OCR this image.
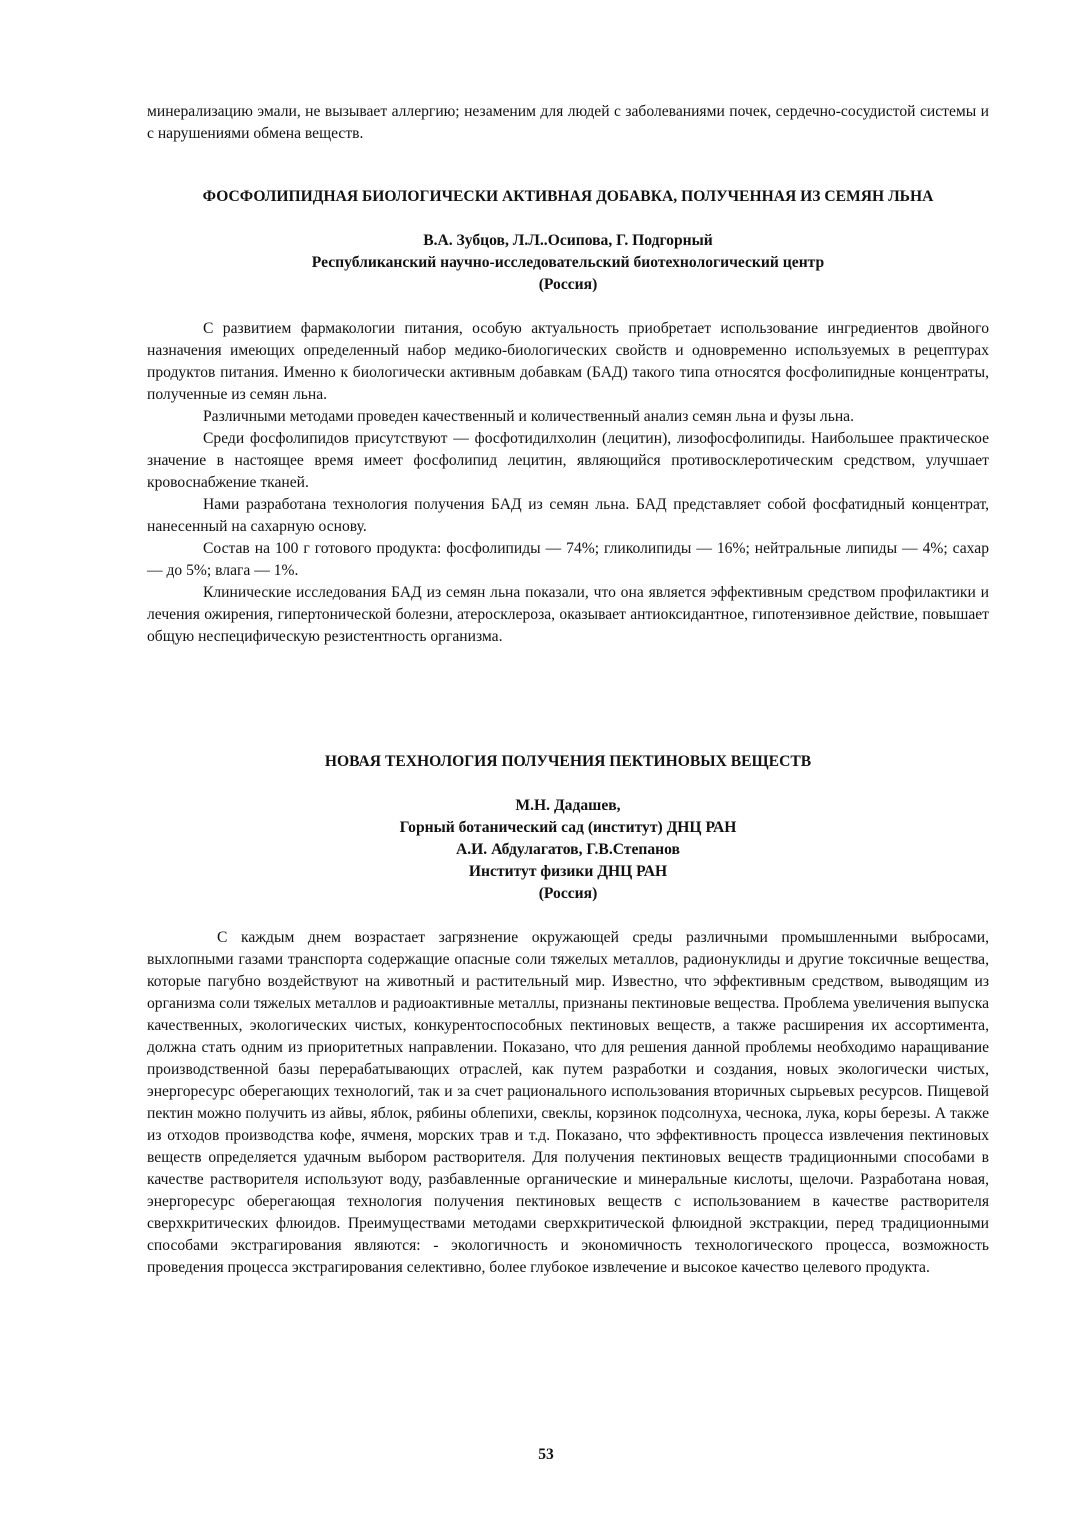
минерализацию эмали, не вызывает аллергию; незаменим для людей с заболеваниями почек, сердечно-сосудистой системы и с нарушениями обмена веществ.

ФОСФОЛИПИДНАЯ БИОЛОГИЧЕСКИ АКТИВНАЯ ДОБАВКА, ПОЛУЧЕННАЯ ИЗ СЕМЯН ЛЬНА

В.А. Зубцов, Л.Л..Осипова, Г. Подгорный

Республиканский научно-исследовательский биотехнологический центр

(Россия)

С развитием фармакологии питания, особую актуальность приобретает использование ингредиентов двойного назначения имеющих определенный набор медико-биологических свойств и одновременно используемых в рецептурах продуктов питания. Именно к биологически активным добавкам (БАД) такого типа относятся фосфолипидные концентраты, полученные из семян льна.

Различными методами проведен качественный и количественный анализ семян льна и фузы льна.

Среди фосфолипидов присутствуют — фосфотидилхолин (лецитин), лизофосфолипиды. Наибольшее практическое значение в настоящее время имеет фосфолипид лецитин, являющийся противосклеротическим средством, улучшает кровоснабжение тканей.

Нами разработана технология получения БАД из семян льна. БАД представляет собой фосфатидный концентрат, нанесенный на сахарную основу.

Состав на 100 г готового продукта: фосфолипиды — 74%; гликолипиды — 16%; нейтральные липиды — 4%; сахар — до 5%; влага — 1%.

Клинические исследования БАД из семян льна показали, что она является эффективным средством профилактики и лечения ожирения, гипертонической болезни, атеросклероза, оказывает антиоксидантное, гипотензивное действие, повышает общую неспецифическую резистентность организма.

НОВАЯ ТЕХНОЛОГИЯ ПОЛУЧЕНИЯ ПЕКТИНОВЫХ ВЕЩЕСТВ

М.Н. Дадашев,

Горный ботанический сад (институт) ДНЦ РАН

А.И. Абдулагатов, Г.В.Степанов

Институт физики ДНЦ РАН

(Россия)

С каждым днем возрастает загрязнение окружающей среды различными промышленными выбросами, выхлопными газами транспорта содержащие опасные соли тяжелых металлов, радионуклиды и другие токсичные вещества, которые пагубно воздействуют на животный и растительный мир. Известно, что эффективным средством, выводящим из организма соли тяжелых металлов и радиоактивные металлы, признаны пектиновые вещества. Проблема увеличения выпуска качественных, экологических чистых, конкурентоспособных пектиновых веществ, а также расширения их ассортимента, должна стать одним из приоритетных направлении. Показано, что для решения данной проблемы необходимо наращивание производственной базы перерабатывающих отраслей, как путем разработки и создания, новых экологически чистых, энергоресурс оберегающих технологий, так и за счет рационального использования вторичных сырьевых ресурсов. Пищевой пектин можно получить из айвы, яблок, рябины облепихи, свеклы, корзинок подсолнуха, чеснока, лука, коры березы. А также из отходов производства кофе, ячменя, морских трав и т.д. Показано, что эффективность процесса извлечения пектиновых веществ определяется удачным выбором растворителя. Для получения пектиновых веществ традиционными способами в качестве растворителя используют воду, разбавленные органические и минеральные кислоты, щелочи. Разработана новая, энергоресурс оберегающая технология получения пектиновых веществ с использованием в качестве растворителя сверхкритических флюидов. Преимуществами методами сверхкритической флюидной экстракции, перед традиционными способами экстрагирования являются: - экологичность и экономичность технологического процесса, возможность проведения процесса экстрагирования селективно, более глубокое извлечение и высокое качество целевого продукта.

53
